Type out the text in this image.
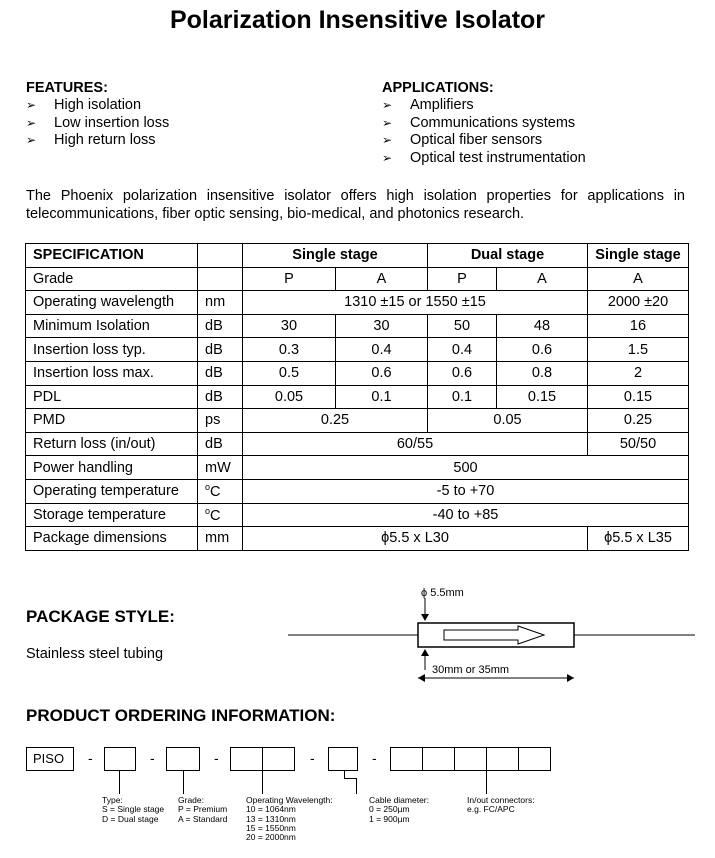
Polarization Insensitive Isolator
FEATURES:
➢ High isolation
➢ Low insertion loss
➢ High return loss
APPLICATIONS:
➢ Amplifiers
➢ Communications systems
➢ Optical fiber sensors
➢ Optical test instrumentation

The Phoenix polarization insensitive isolator offers high isolation properties for applications in telecommunications, fiber optic sensing, bio-medical, and photonics research.

SPECIFICATION		Single stage		Dual stage		Single stage
Grade		P	A	P	A	A
Operating wavelength	nm	1310 ±15 or 1550 ±15				2000 ±20
Minimum Isolation	dB	30	30	50	48	16
Insertion loss typ.	dB	0.3	0.4	0.4	0.6	1.5
Insertion loss max.	dB	0.5	0.6	0.6	0.8	2
PDL	dB	0.05	0.1	0.1	0.15	0.15
PMD	ps	0.25		0.05		0.25
Return loss (in/out)	dB	60/55				50/50
Power handling	mW	500				
Operating temperature	$^o$C	-5 to +70				
Storage temperature	$^o$C	-40 to +85				
Package dimensions	mm	ϕ5.5 x L30				ϕ5.5 x L35
PACKAGE STYLE:
Stainless steel tubing
ϕ 5.5mm
30mm or 35mm
PRODUCT ORDERING INFORMATION:
PISO	-	-	-	-	-
Type:
S = Single stage
D = Dual stage
Grade:
P = Premium
A = Standard
Operating Wavelength:
10 = 1064nm
13 = 1310nm
15 = 1550nm
20 = 2000nm
Cable diameter:
0 = 250µm
1 = 900µm
In/out connectors:
e.g. FC/APC
